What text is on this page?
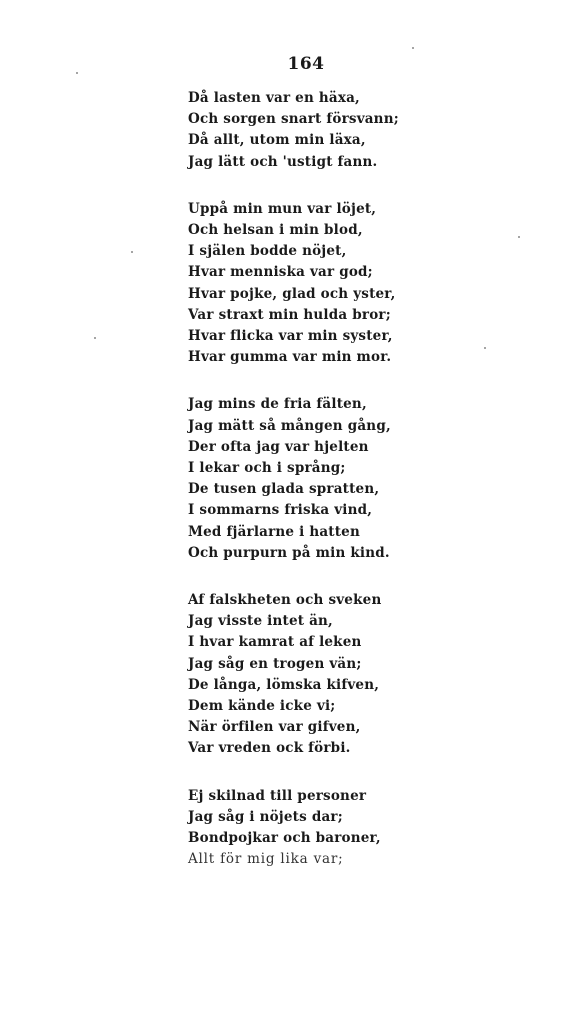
164
Då lasten var en häxa,
Och sorgen snart försvann;
Då allt, utom min läxa,
Jag lätt och 'ustigt fann.
Uppå min mun var löjet,
Och helsan i min blod,
I själen bodde nöjet,
Hvar menniska var god;
Hvar pojke, glad och yster,
Var straxt min hulda bror;
Hvar flicka var min syster,
Hvar gumma var min mor.
Jag mins de fria fälten,
Jag mätt så mången gång,
Der ofta jag var hjelten
I lekar och i språng;
De tusen glada spratten,
I sommarns friska vind,
Med fjärlarne i hatten
Och purpurn på min kind.
Af falskheten och sveken
Jag visste intet än,
I hvar kamrat af leken
Jag såg en trogen vän;
De långa, lömska kifven,
Dem kände icke vi;
När örfilen var gifven,
Var vreden ock förbi.
Ej skilnad till personer
Jag såg i nöjets dar;
Bondpojkar och baroner,
Allt för mig lika var;
